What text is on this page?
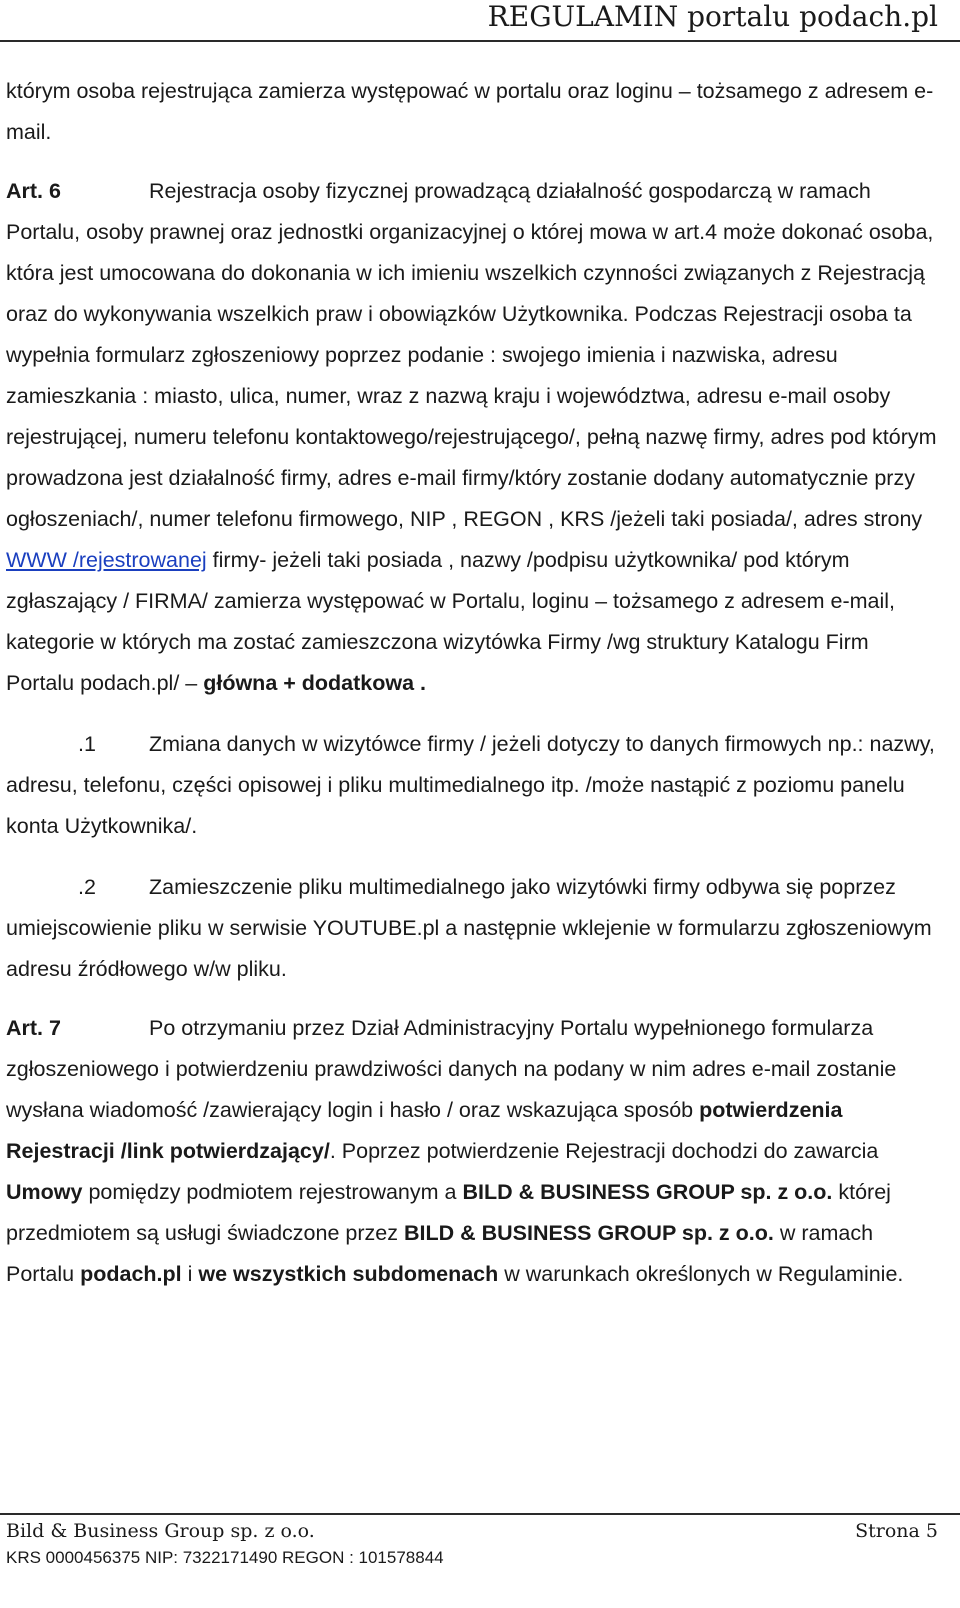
REGULAMIN portalu podach.pl

którym osoba rejestrująca zamierza występować w portalu oraz loginu – tożsamego z adresem e-mail.

Art. 6	Rejestracja osoby fizycznej prowadzącą działalność gospodarczą w ramach Portalu, osoby prawnej oraz jednostki organizacyjnej o której mowa w art.4 może dokonać osoba, która jest umocowana do dokonania w ich imieniu wszelkich czynności związanych z Rejestracją oraz do wykonywania wszelkich praw i obowiązków Użytkownika. Podczas Rejestracji osoba ta wypełnia formularz zgłoszeniowy poprzez podanie : swojego imienia i nazwiska, adresu zamieszkania : miasto, ulica, numer, wraz z nazwą kraju i województwa, adresu e-mail osoby rejestrującej, numeru telefonu kontaktowego/rejestrującego/, pełną nazwę firmy, adres pod którym prowadzona jest działalność firmy, adres e-mail firmy/który zostanie dodany automatycznie przy ogłoszeniach/, numer telefonu firmowego, NIP , REGON , KRS /jeżeli taki posiada/, adres strony WWW /rejestrowanej firmy- jeżeli taki posiada , nazwy /podpisu użytkownika/ pod którym zgłaszający / FIRMA/ zamierza występować w Portalu, loginu – tożsamego z adresem e-mail, kategorie w których ma zostać zamieszczona wizytówka Firmy /wg struktury Katalogu Firm Portalu podach.pl/ – główna + dodatkowa .

.1 Zmiana danych w wizytówce firmy / jeżeli dotyczy to danych firmowych np.: nazwy, adresu, telefonu, części opisowej i pliku multimedialnego itp. /może nastąpić z poziomu panelu konta Użytkownika/.

.2 Zamieszczenie pliku multimedialnego jako wizytówki firmy odbywa się poprzez umiejscowienie pliku w serwisie YOUTUBE.pl a następnie wklejenie w formularzu zgłoszeniowym adresu źródłowego w/w pliku.

Art. 7	Po otrzymaniu przez Dział Administracyjny Portalu wypełnionego formularza zgłoszeniowego i potwierdzeniu prawdziwości danych na podany w nim adres e-mail zostanie wysłana wiadomość /zawierający login i hasło / oraz wskazująca sposób potwierdzenia Rejestracji /link potwierdzający/. Poprzez potwierdzenie Rejestracji dochodzi do zawarcia Umowy pomiędzy podmiotem rejestrowanym a BILD & BUSINESS GROUP sp. z o.o. której przedmiotem są usługi świadczone przez BILD & BUSINESS GROUP sp. z o.o. w ramach Portalu podach.pl i we wszystkich subdomenach w warunkach określonych w Regulaminie.

Bild & Business Group sp. z o.o.	Strona 5
KRS 0000456375 NIP: 7322171490 REGON : 101578844
